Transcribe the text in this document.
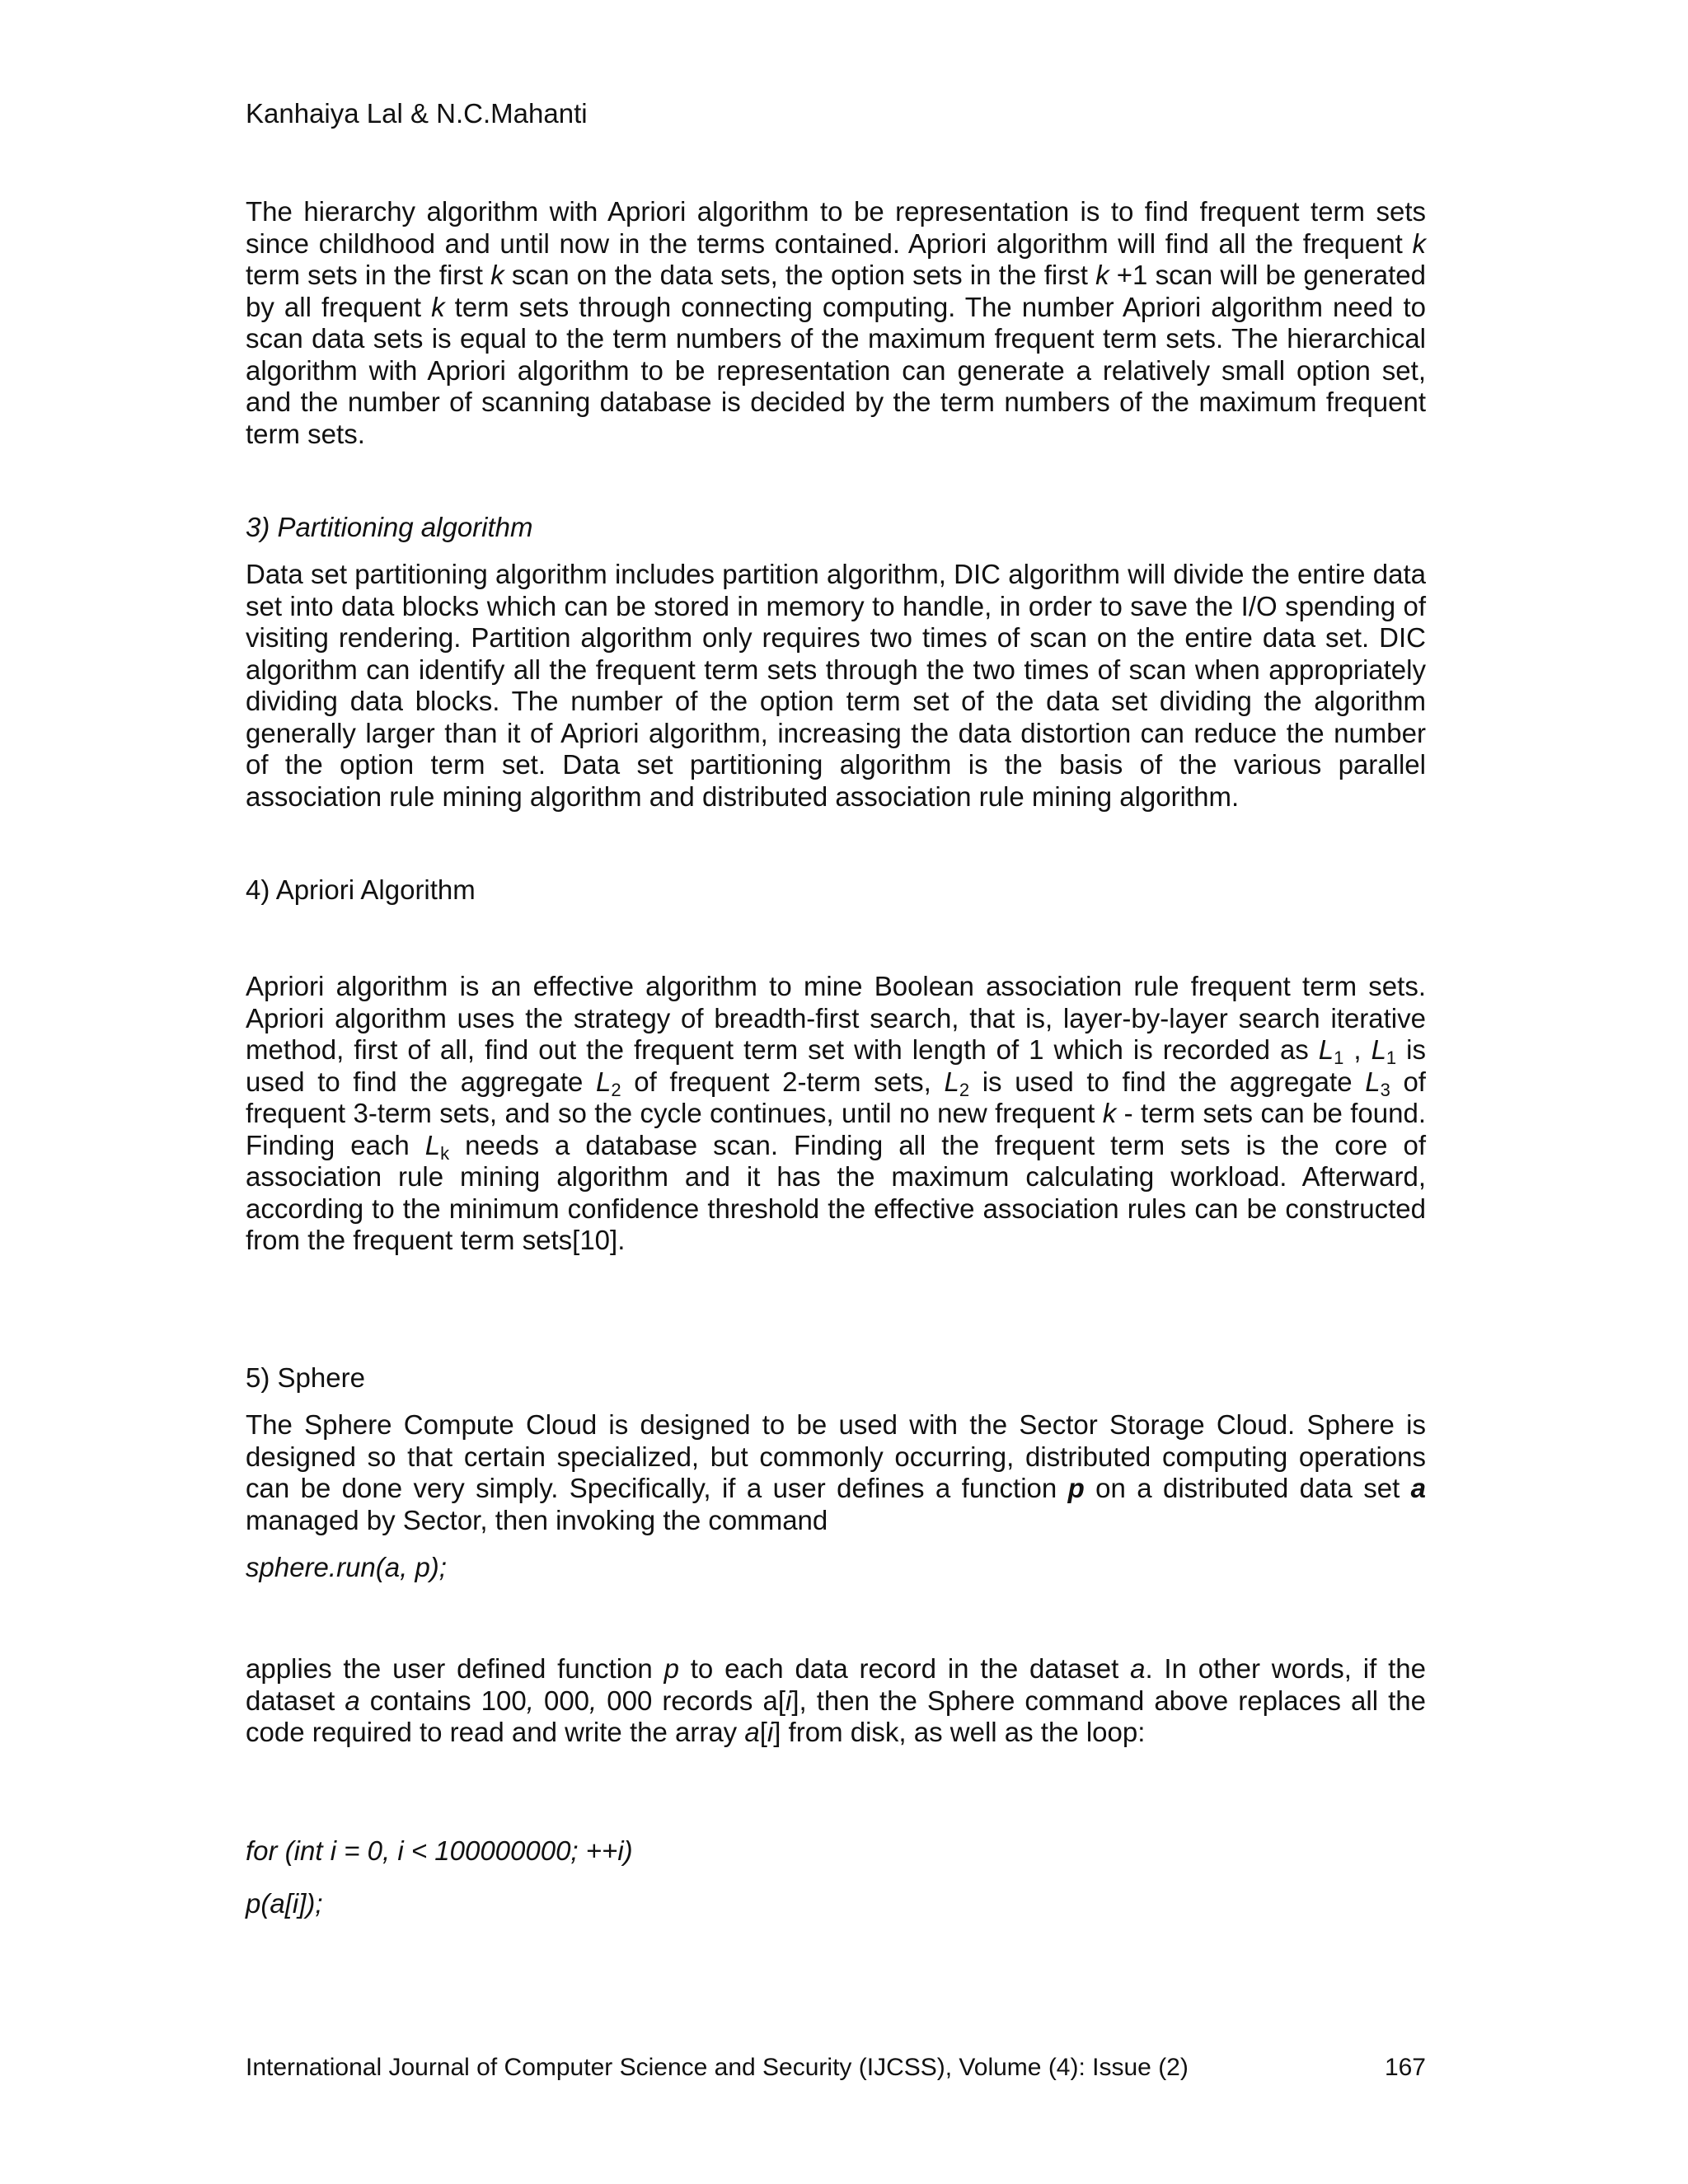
Kanhaiya Lal & N.C.Mahanti
The hierarchy algorithm with Apriori algorithm to be representation is to find frequent term sets since childhood and until now in the terms contained. Apriori algorithm will find all the frequent k term sets in the first k scan on the data sets, the option sets in the first k +1 scan will be generated by all frequent k term sets through connecting computing. The number Apriori algorithm need to scan data sets is equal to the term numbers of the maximum frequent term sets. The hierarchical algorithm with Apriori algorithm to be representation can generate a relatively small option set, and the number of scanning database is decided by the term numbers of the maximum frequent term sets.
3) Partitioning algorithm
Data set partitioning algorithm includes partition algorithm, DIC algorithm will divide the entire data set into data blocks which can be stored in memory to handle, in order to save the I/O spending of visiting rendering. Partition algorithm only requires two times of scan on the entire data set. DIC algorithm can identify all the frequent term sets through the two times of scan when appropriately dividing data blocks. The number of the option term set of the data set dividing the algorithm generally larger than it of Apriori algorithm, increasing the data distortion can reduce the number of the option term set. Data set partitioning algorithm is the basis of the various parallel association rule mining algorithm and distributed association rule mining algorithm.
4) Apriori Algorithm
Apriori algorithm is an effective algorithm to mine Boolean association rule frequent term sets. Apriori algorithm uses the strategy of breadth-first search, that is, layer-by-layer search iterative method, first of all, find out the frequent term set with length of 1 which is recorded as $L_1$ , $L_1$ is used to find the aggregate $L_2$ of frequent 2-term sets, $L_2$ is used to find the aggregate $L_3$ of frequent 3-term sets, and so the cycle continues, until no new frequent k - term sets can be found. Finding each $L_k$ needs a database scan. Finding all the frequent term sets is the core of association rule mining algorithm and it has the maximum calculating workload. Afterward, according to the minimum confidence threshold the effective association rules can be constructed from the frequent term sets[10].
5) Sphere
The Sphere Compute Cloud is designed to be used with the Sector Storage Cloud. Sphere is designed so that certain specialized, but commonly occurring, distributed computing operations can be done very simply. Specifically, if a user defines a function p on a distributed data set a managed by Sector, then invoking the command
sphere.run(a, p);
applies the user defined function p to each data record in the dataset a. In other words, if the dataset a contains 100, 000, 000 records a[i], then the Sphere command above replaces all the code required to read and write the array a[i] from disk, as well as the loop:
for (int i = 0, i < 100000000; ++i)
p(a[i]);
International Journal of Computer Science and Security (IJCSS), Volume (4): Issue (2)	167
